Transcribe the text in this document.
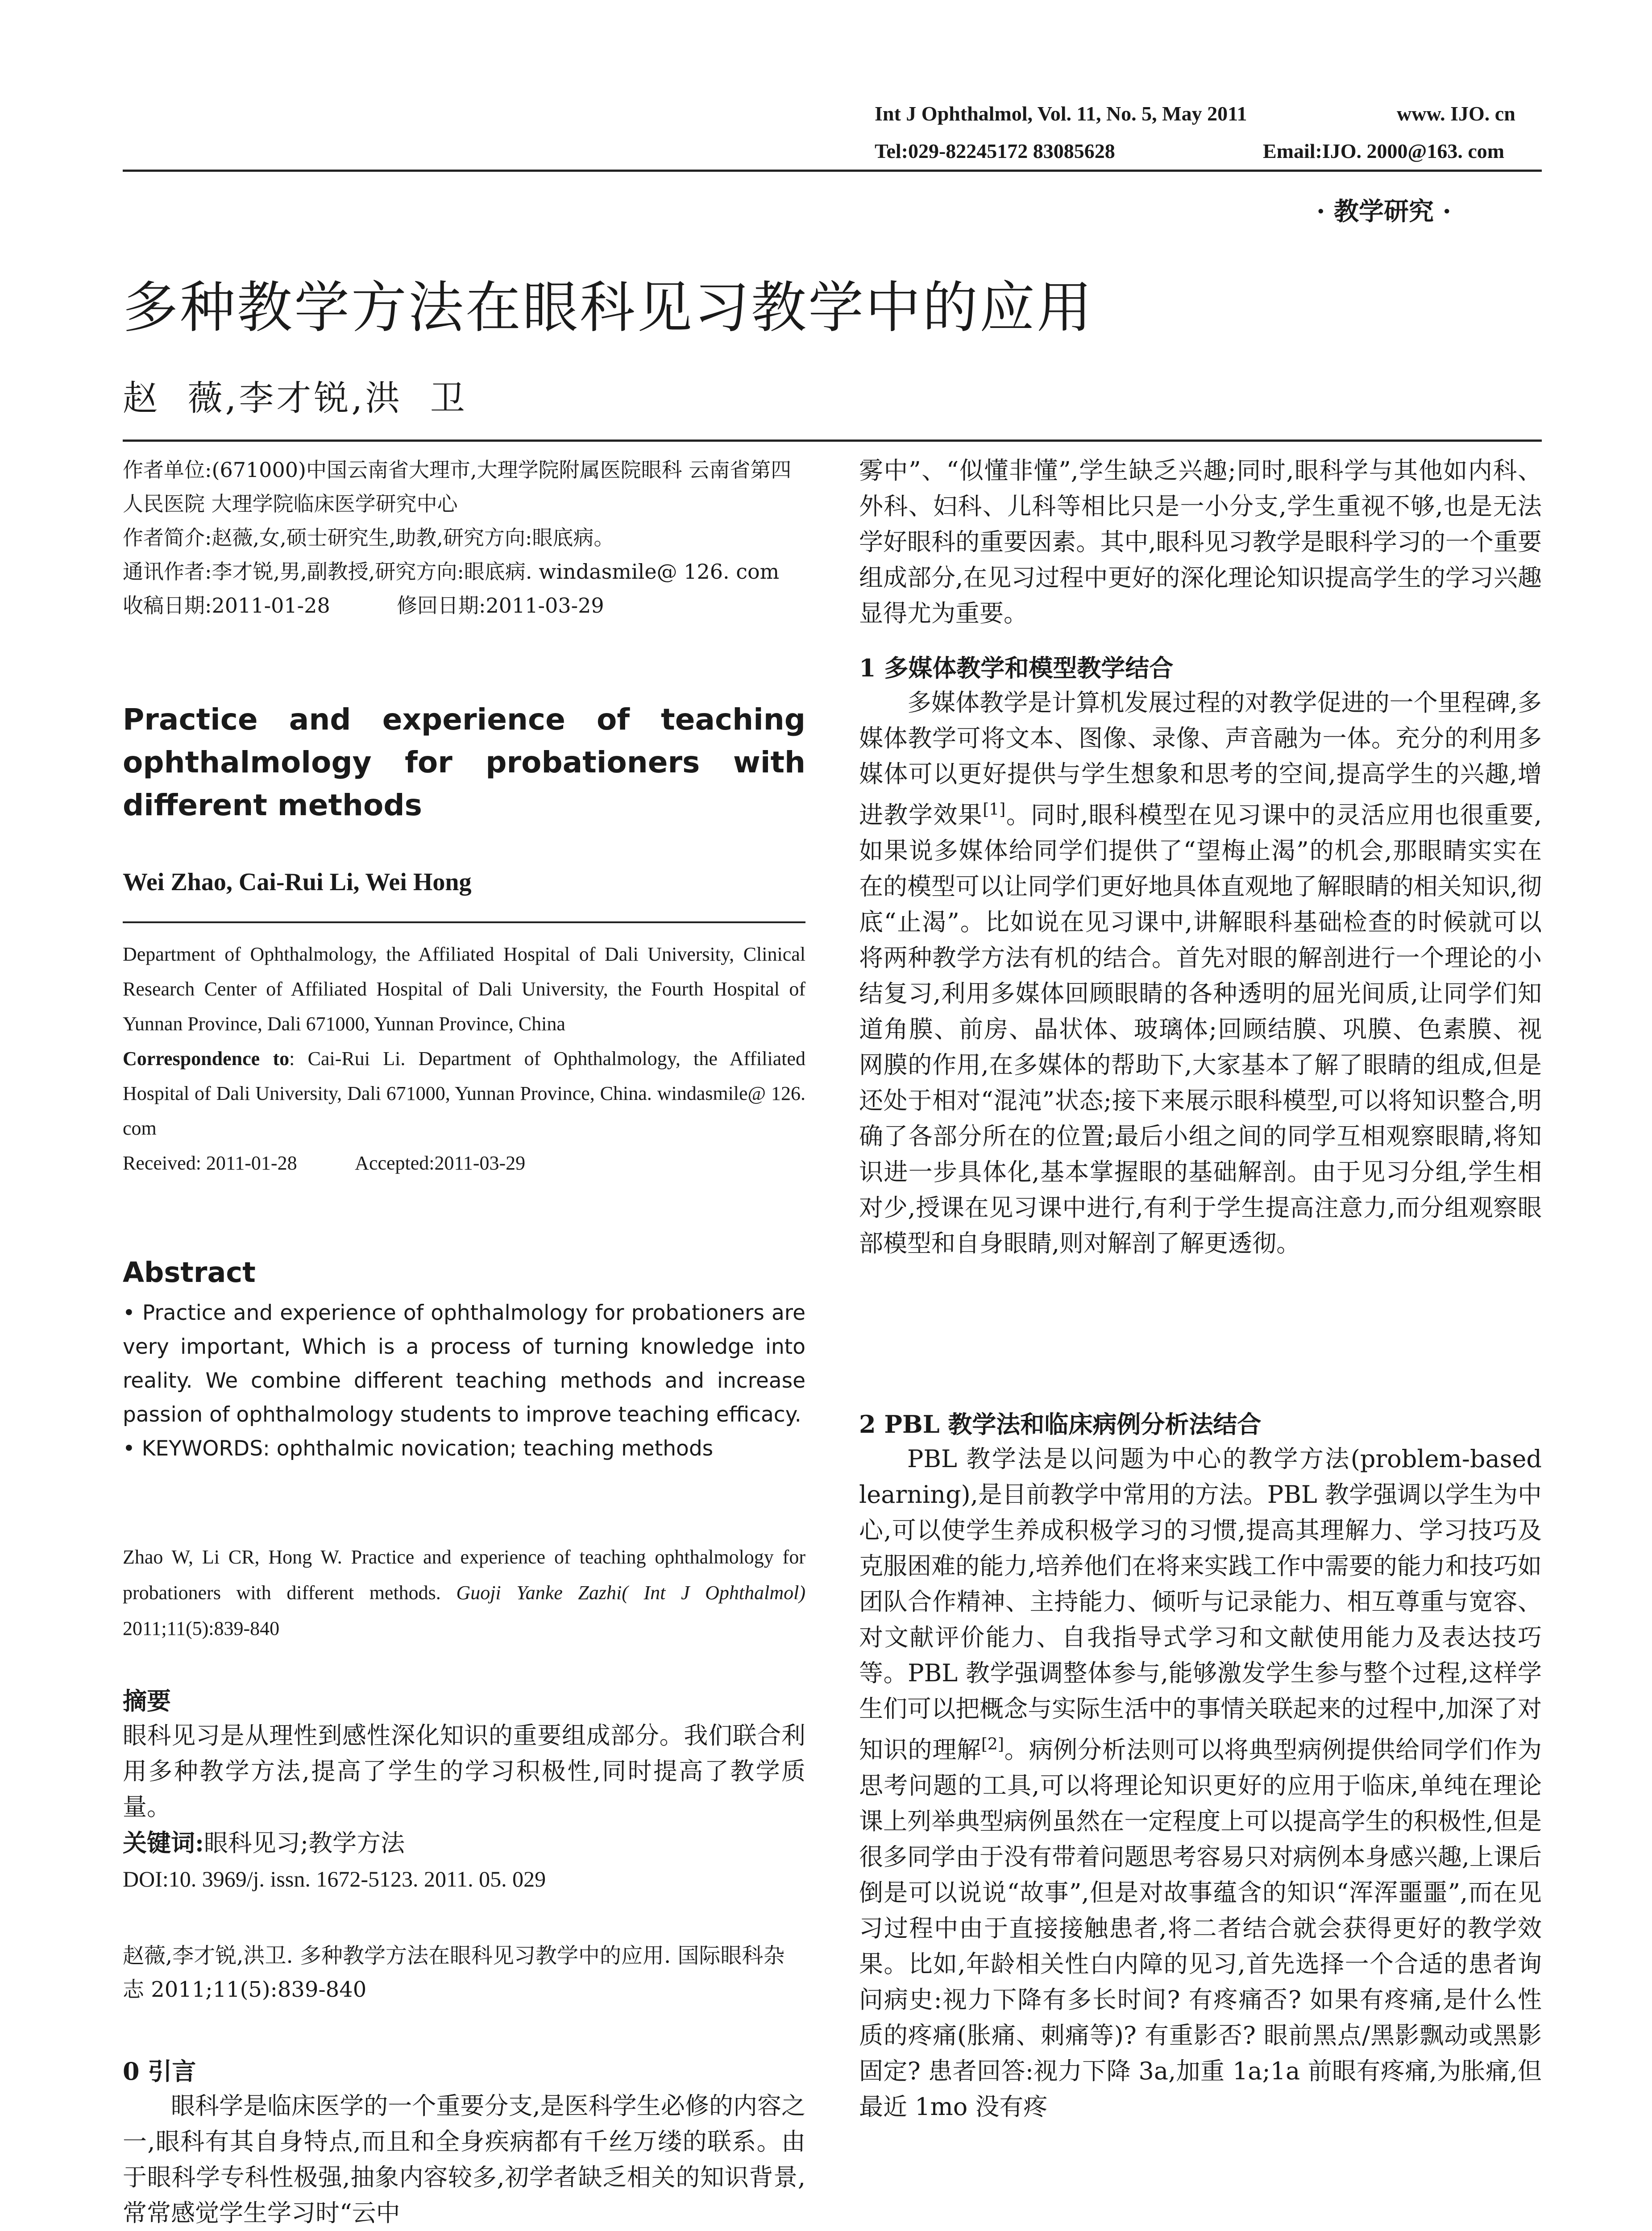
Int J Ophthalmol, Vol. 11, No. 5, May 2011	www. IJO. cn
Tel:029-82245172 83085628	Email:IJO. 2000@163. com
· 教学研究 ·
多种教学方法在眼科见习教学中的应用
赵  薇,李才锐,洪  卫

作者单位:(671000)中国云南省大理市,大理学院附属医院眼科 云南省第四人民医院 大理学院临床医学研究中心

作者简介:赵薇,女,硕士研究生,助教,研究方向:眼底病。

通讯作者:李才锐,男,副教授,研究方向:眼底病. windasmile@ 126. com

收稿日期:2011-01-28	修回日期:2011-03-29

Practice and experience of teaching ophthalmology for probationers with different methods
Wei Zhao, Cai-Rui Li, Wei Hong

Department of Ophthalmology, the Affiliated Hospital of Dali University, Clinical Research Center of Affiliated Hospital of Dali University, the Fourth Hospital of Yunnan Province, Dali 671000, Yunnan Province, China

Correspondence to: Cai-Rui Li. Department of Ophthalmology, the Affiliated Hospital of Dali University, Dali 671000, Yunnan Province, China. windasmile@ 126. com

Received: 2011-01-28	Accepted:2011-03-29

Abstract

• Practice and experience of ophthalmology for probationers are very important, Which is a process of turning knowledge into reality. We combine different teaching methods and increase passion of ophthalmology students to improve teaching efficacy.

• KEYWORDS: ophthalmic novication; teaching methods

Zhao W, Li CR, Hong W. Practice and experience of teaching ophthalmology for probationers with different methods. Guoji Yanke Zazhi( Int J Ophthalmol) 2011;11(5):839-840
摘要

眼科见习是从理性到感性深化知识的重要组成部分。我们联合利用多种教学方法,提高了学生的学习积极性,同时提高了教学质量。

关键词:眼科见习;教学方法

DOI:10. 3969/j. issn. 1672-5123. 2011. 05. 029

赵薇,李才锐,洪卫. 多种教学方法在眼科见习教学中的应用. 国际眼科杂志 2011;11(5):839-840
0 引言
眼科学是临床医学的一个重要分支,是医科学生必修的内容之一,眼科有其自身特点,而且和全身疾病都有千丝万缕的联系。由于眼科学专科性极强,抽象内容较多,初学者缺乏相关的知识背景,常常感觉学生学习时“云中
雾中”、“似懂非懂”,学生缺乏兴趣;同时,眼科学与其他如内科、外科、妇科、儿科等相比只是一小分支,学生重视不够,也是无法学好眼科的重要因素。其中,眼科见习教学是眼科学习的一个重要组成部分,在见习过程中更好的深化理论知识提高学生的学习兴趣显得尤为重要。
1 多媒体教学和模型教学结合
多媒体教学是计算机发展过程的对教学促进的一个里程碑,多媒体教学可将文本、图像、录像、声音融为一体。充分的利用多媒体可以更好提供与学生想象和思考的空间,提高学生的兴趣,增进教学效果[1]。同时,眼科模型在见习课中的灵活应用也很重要,如果说多媒体给同学们提供了“望梅止渴”的机会,那眼睛实实在在的模型可以让同学们更好地具体直观地了解眼睛的相关知识,彻底“止渴”。比如说在见习课中,讲解眼科基础检查的时候就可以将两种教学方法有机的结合。首先对眼的解剖进行一个理论的小结复习,利用多媒体回顾眼睛的各种透明的屈光间质,让同学们知道角膜、前房、晶状体、玻璃体;回顾结膜、巩膜、色素膜、视网膜的作用,在多媒体的帮助下,大家基本了解了眼睛的组成,但是还处于相对“混沌”状态;接下来展示眼科模型,可以将知识整合,明确了各部分所在的位置;最后小组之间的同学互相观察眼睛,将知识进一步具体化,基本掌握眼的基础解剖。由于见习分组,学生相对少,授课在见习课中进行,有利于学生提高注意力,而分组观察眼部模型和自身眼睛,则对解剖了解更透彻。
2 PBL 教学法和临床病例分析法结合
PBL 教学法是以问题为中心的教学方法(problem-based learning),是目前教学中常用的方法。PBL 教学强调以学生为中心,可以使学生养成积极学习的习惯,提高其理解力、学习技巧及克服困难的能力,培养他们在将来实践工作中需要的能力和技巧如团队合作精神、主持能力、倾听与记录能力、相互尊重与宽容、对文献评价能力、自我指导式学习和文献使用能力及表达技巧等。PBL 教学强调整体参与,能够激发学生参与整个过程,这样学生们可以把概念与实际生活中的事情关联起来的过程中,加深了对知识的理解[2]。病例分析法则可以将典型病例提供给同学们作为思考问题的工具,可以将理论知识更好的应用于临床,单纯在理论课上列举典型病例虽然在一定程度上可以提高学生的积极性,但是很多同学由于没有带着问题思考容易只对病例本身感兴趣,上课后倒是可以说说“故事”,但是对故事蕴含的知识“浑浑噩噩”,而在见习过程中由于直接接触患者,将二者结合就会获得更好的教学效果。比如,年龄相关性白内障的见习,首先选择一个合适的患者询问病史:视力下降有多长时间? 有疼痛否? 如果有疼痛,是什么性质的疼痛(胀痛、刺痛等)? 有重影否? 眼前黑点/黑影飘动或黑影固定? 患者回答:视力下降 3a,加重 1a;1a 前眼有疼痛,为胀痛,但最近 1mo 没有疼
